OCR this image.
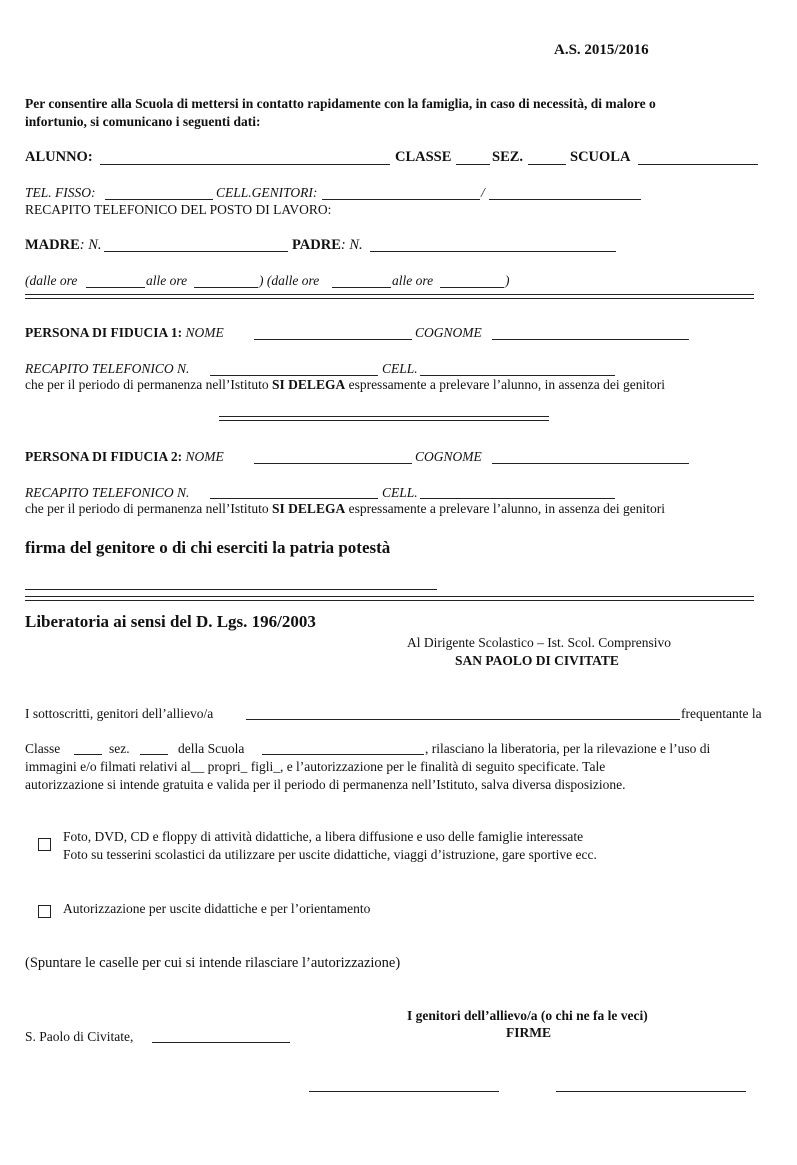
A.S. 2015/2016
Per consentire alla Scuola di mettersi in contatto rapidamente con la famiglia, in caso di necessità, di malore o
infortunio, si comunicano i seguenti dati:
ALUNNO:	CLASSE	SEZ.	SCUOLA
TEL. FISSO:	CELL.GENITORI:	/
RECAPITO TELEFONICO DEL POSTO DI LAVORO:
MADRE: N.	PADRE: N.
(dalle ore	alle ore	) (dalle ore	alle ore	)
PERSONA DI FIDUCIA 1: NOME	COGNOME
RECAPITO TELEFONICO N.	CELL.
che per il periodo di permanenza nell’Istituto SI DELEGA espressamente a prelevare l’alunno, in assenza dei genitori
PERSONA DI FIDUCIA 2: NOME	COGNOME
RECAPITO TELEFONICO N.	CELL.
che per il periodo di permanenza nell’Istituto SI DELEGA espressamente a prelevare l’alunno, in assenza dei genitori
firma del genitore o di chi eserciti la patria potestà
Liberatoria ai sensi del D. Lgs. 196/2003
Al Dirigente Scolastico – Ist. Scol. Comprensivo
SAN PAOLO DI CIVITATE
I sottoscritti, genitori dell’allievo/a	frequentante la
Classe	sez.	della Scuola	, rilasciano la liberatoria, per la rilevazione e l’uso di
immagini e/o filmati relativi al__ propri_ figli_, e l’autorizzazione per le finalità di seguito specificate. Tale
autorizzazione si intende gratuita e valida per il periodo di permanenza nell’Istituto, salva diversa disposizione.
Foto, DVD, CD e floppy di attività didattiche, a libera diffusione e uso delle famiglie interessate
Foto su tesserini scolastici da utilizzare per uscite didattiche, viaggi d’istruzione, gare sportive ecc.
Autorizzazione per uscite didattiche e per l’orientamento
(Spuntare le caselle per cui si intende rilasciare l’autorizzazione)
I genitori dell’allievo/a (o chi ne fa le veci)
FIRME
S. Paolo di Civitate,
